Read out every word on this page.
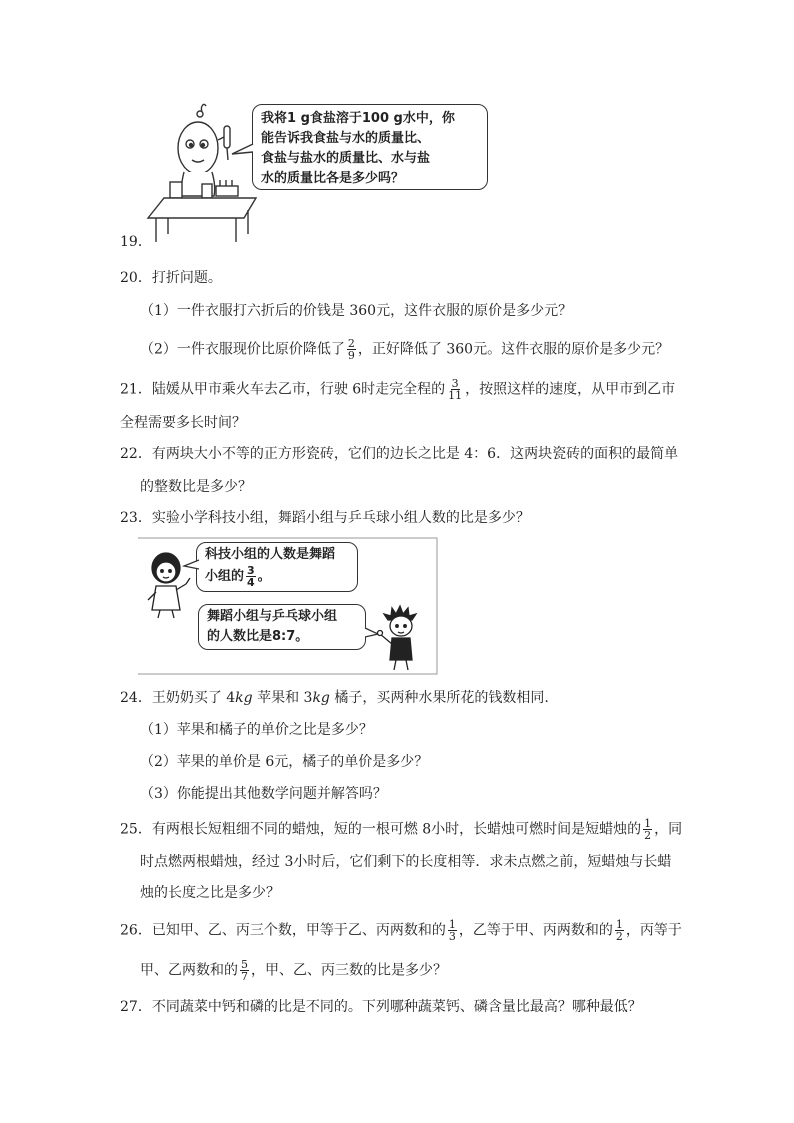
我将1 g食盐溶于100 g水中，你
能告诉我食盐与水的质量比、
食盐与盐水的质量比、水与盐
水的质量比各是多少吗？
19．
20．打折问题。
（1）一件衣服打六折后的价钱是 360元，这件衣服的原价是多少元？
（2）一件衣服现价比原价降低了 $\frac{2}{9}$ ，正好降低了 360元。这件衣服的原价是多少元？
21．陆媛从甲市乘火车去乙市，行驶 6时走完全程的 $\frac{3}{11}$ ，按照这样的速度，从甲市到乙市
全程需要多长时间？
22．有两块大小不等的正方形瓷砖，它们的边长之比是 4：6．这两块瓷砖的面积的最简单
的整数比是多少？
23．实验小学科技小组，舞蹈小组与乒乓球小组人数的比是多少？
科技小组的人数是舞蹈
小组的 $\frac{3}{4}$ 。
舞蹈小组与乒乓球小组
的人数比是8:7。
24．王奶奶买了 4kg 苹果和 3kg 橘子，买两种水果所花的钱数相同.
（1）苹果和橘子的单价之比是多少？
（2）苹果的单价是 6元，橘子的单价是多少？
（3）你能提出其他数学问题并解答吗？
25．有两根长短粗细不同的蜡烛，短的一根可燃 8小时，长蜡烛可燃时间是短蜡烛的 $\frac{1}{2}$ ，同
时点燃两根蜡烛，经过 3小时后，它们剩下的长度相等．求未点燃之前，短蜡烛与长蜡
烛的长度之比是多少？
26．已知甲、乙、丙三个数，甲等于乙、丙两数和的 $\frac{1}{3}$ ，乙等于甲、丙两数和的 $\frac{1}{2}$ ，丙等于
甲、乙两数和的 $\frac{5}{7}$ ，甲、乙、丙三数的比是多少？
27．不同蔬菜中钙和磷的比是不同的。下列哪种蔬菜钙、磷含量比最高？哪种最低？
